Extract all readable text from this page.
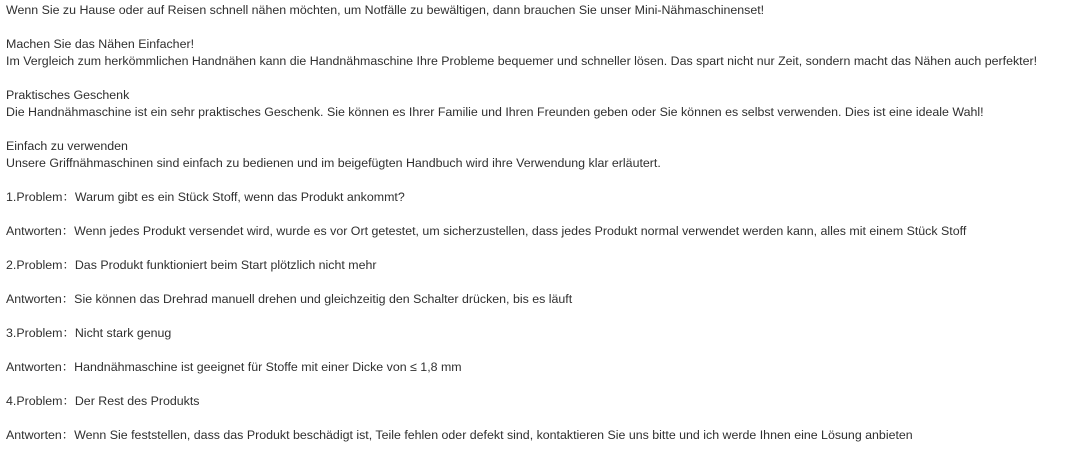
Wenn Sie zu Hause oder auf Reisen schnell nähen möchten, um Notfälle zu bewältigen, dann brauchen Sie unser Mini-Nähmaschinenset!
Machen Sie das Nähen Einfacher!
Im Vergleich zum herkömmlichen Handnähen kann die Handnähmaschine Ihre Probleme bequemer und schneller lösen. Das spart nicht nur Zeit, sondern macht das Nähen auch perfekter!
Praktisches Geschenk
Die Handnähmaschine ist ein sehr praktisches Geschenk. Sie können es Ihrer Familie und Ihren Freunden geben oder Sie können es selbst verwenden. Dies ist eine ideale Wahl!
Einfach zu verwenden
Unsere Griffnähmaschinen sind einfach zu bedienen und im beigefügten Handbuch wird ihre Verwendung klar erläutert.
1.Problem：Warum gibt es ein Stück Stoff, wenn das Produkt ankommt?
Antworten：Wenn jedes Produkt versendet wird, wurde es vor Ort getestet, um sicherzustellen, dass jedes Produkt normal verwendet werden kann, alles mit einem Stück Stoff
2.Problem：Das Produkt funktioniert beim Start plötzlich nicht mehr
Antworten：Sie können das Drehrad manuell drehen und gleichzeitig den Schalter drücken, bis es läuft
3.Problem：Nicht stark genug
Antworten：Handnähmaschine ist geeignet für Stoffe mit einer Dicke von ≤ 1,8 mm
4.Problem：Der Rest des Produkts
Antworten：Wenn Sie feststellen, dass das Produkt beschädigt ist, Teile fehlen oder defekt sind, kontaktieren Sie uns bitte und ich werde Ihnen eine Lösung anbieten
